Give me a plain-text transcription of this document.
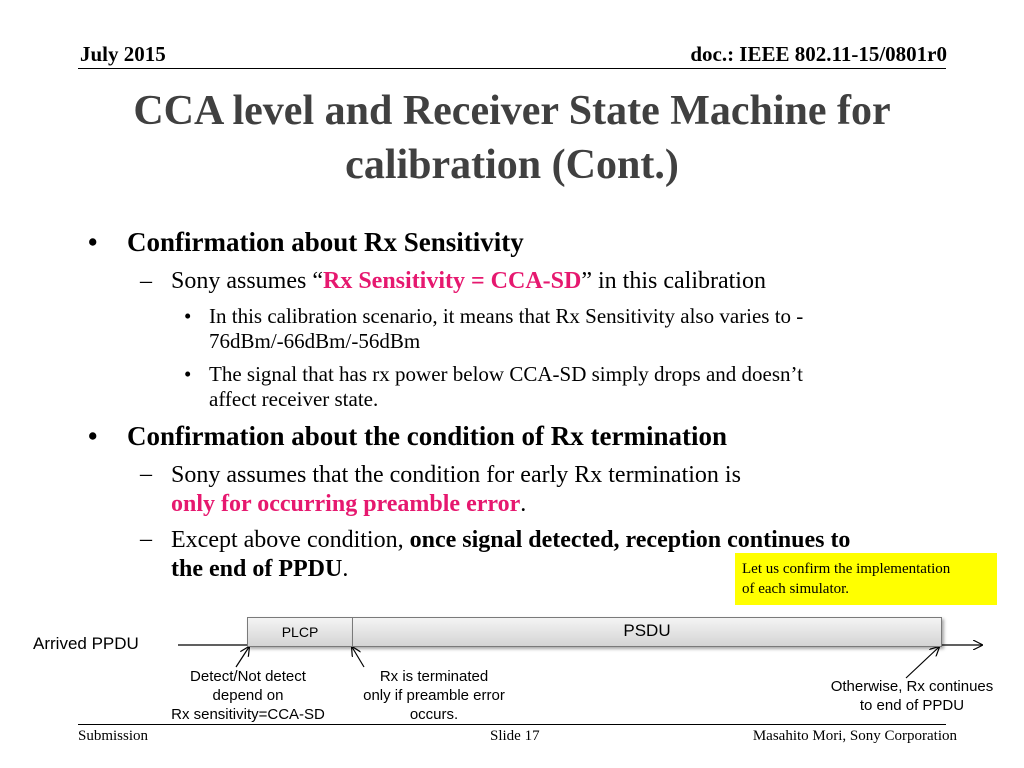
July 2015	doc.: IEEE 802.11-15/0801r0
CCA level and Receiver State Machine for
calibration (Cont.)
• Confirmation about Rx Sensitivity
– Sony assumes “Rx Sensitivity = CCA-SD” in this calibration
• In this calibration scenario, it means that Rx Sensitivity also varies to -
76dBm/-66dBm/-56dBm
• The signal that has rx power below CCA-SD simply drops and doesn’t
affect receiver state.
• Confirmation about the condition of Rx termination
– Sony assumes that the condition for early Rx termination is
only for occurring preamble error.
– Except above condition, once signal detected, reception continues to
the end of PPDU.	Let us confirm the implementation
of each simulator.
Arrived PPDU
PLCP	PSDU
Detect/Not detect
depend on
Rx sensitivity=CCA-SD
Rx is terminated
only if preamble error
occurs.
Otherwise, Rx continues
to end of PPDU
Submission	Slide 17	Masahito Mori, Sony Corporation
